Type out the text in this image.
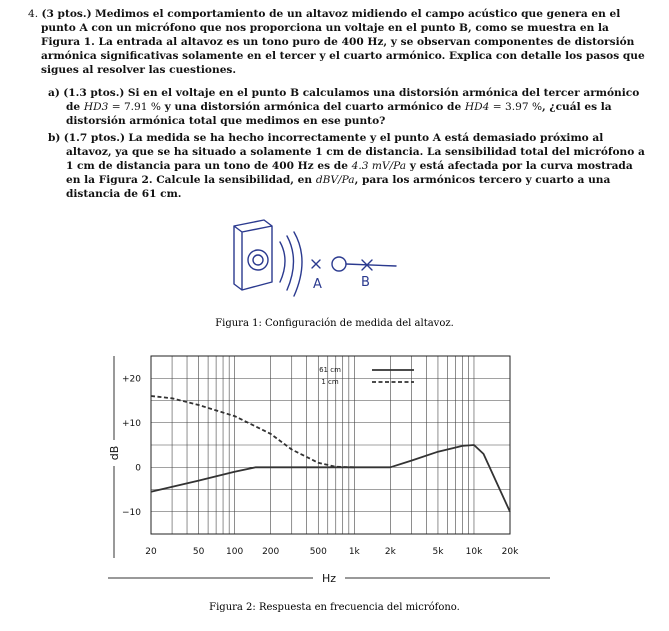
4. (3 ptos.) Medimos el comportamiento de un altavoz midiendo el campo acústico que genera en el
punto A con un micrófono que nos proporciona un voltaje en el punto B, como se muestra en la
Figura 1. La entrada al altavoz es un tono puro de 400 Hz, y se observan componentes de distorsión
armónica significativas solamente en el tercer y el cuarto armónico. Explica con detalle los pasos que
sigues al resolver las cuestiones.
a) (1.3 ptos.) Si en el voltaje en el punto B calculamos una distorsión armónica del tercer armónico
de HD3 = 7.91 % y una distorsión armónica del cuarto armónico de HD4 = 3.97 %, ¿cuál es la
distorsión armónica total que medimos en ese punto?
b) (1.7 ptos.) La medida se ha hecho incorrectamente y el punto A está demasiado próximo al
altavoz, ya que se ha situado a solamente 1 cm de distancia. La sensibilidad total del micrófono a
1 cm de distancia para un tono de 400 Hz es de 4.3 mV/Pa y está afectada por la curva mostrada
en la Figura 2. Calcule la sensibilidad, en dBV/Pa, para los armónicos tercero y cuarto a una
distancia de 61 cm.
A	B
Figura 1: Configuración de medida del altavoz.
20	50 100 200	500 1k	2k	5k 10k 20k
+20
+10
0
−10
61 cm
1 cm
Hz
dB
Figura 2: Respuesta en frecuencia del micrófono.
